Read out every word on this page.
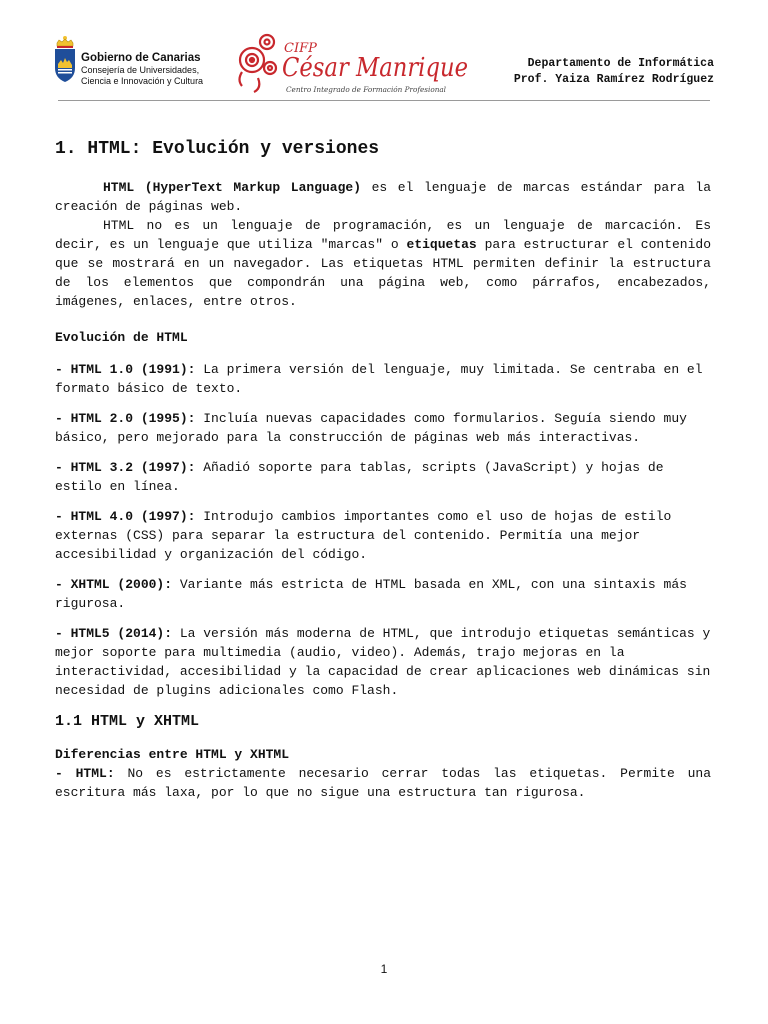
Gobierno de Canarias
Consejería de Universidades,
Ciencia e Innovación y Cultura
CIFP
César Manrique
Centro Integrado de Formación Profesional
Departamento de Informática
Prof. Yaiza Ramírez Rodríguez
1. HTML: Evolución y versiones

HTML (HyperText Markup Language) es el lenguaje de marcas estándar para la creación de páginas web.

HTML no es un lenguaje de programación, es un lenguaje de marcación. Es decir, es un lenguaje que utiliza "marcas" o etiquetas para estructurar el contenido que se mostrará en un navegador. Las etiquetas HTML permiten definir la estructura de los elementos que compondrán una página web, como párrafos, encabezados, imágenes, enlaces, entre otros.

Evolución de HTML

- HTML 1.0 (1991): La primera versión del lenguaje, muy limitada. Se centraba en el formato básico de texto.

- HTML 2.0 (1995): Incluía nuevas capacidades como formularios. Seguía siendo muy básico, pero mejorado para la construcción de páginas web más interactivas.

- HTML 3.2 (1997): Añadió soporte para tablas, scripts (JavaScript) y hojas de estilo en línea.

- HTML 4.0 (1997): Introdujo cambios importantes como el uso de hojas de estilo externas (CSS) para separar la estructura del contenido. Permitía una mejor accesibilidad y organización del código.

- XHTML (2000): Variante más estricta de HTML basada en XML, con una sintaxis más rigurosa.

- HTML5 (2014): La versión más moderna de HTML, que introdujo etiquetas semánticas y mejor soporte para multimedia (audio, video). Además, trajo mejoras en la interactividad, accesibilidad y la capacidad de crear aplicaciones web dinámicas sin necesidad de plugins adicionales como Flash.

1.1 HTML y XHTML

Diferencias entre HTML y XHTML

- HTML: No es estrictamente necesario cerrar todas las etiquetas. Permite una escritura más laxa, por lo que no sigue una estructura tan rigurosa.

1
